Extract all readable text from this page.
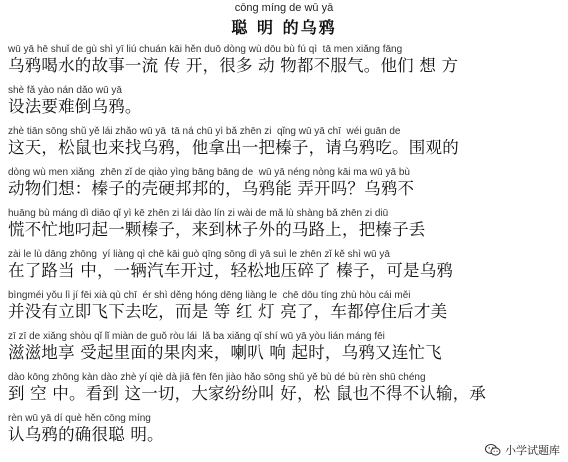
cōng míng de wū yā
聪 明 的乌鸦
wū yā hē shuǐ de gù shì yī liú chuán kāi hěn duō dòng wù dōu bù fú qì  tā men xiǎng fāng
乌鸦喝水的故事一流 传 开，很多 动 物都不服气。他们 想 方
shè fǎ yào nán dǎo wū yā
设法要难倒乌鸦。
zhè tiān sōng shǔ yě lái zhǎo wū yā  tā ná chū yì bǎ zhēn zi  qǐng wū yā chī  wéi guān de
这天，松鼠也来找乌鸦，他拿出一把榛子，请乌鸦吃。围观的
dòng wù men xiǎng  zhēn zǐ de qiào yìng bāng bāng de  wū yā néng nòng kāi ma wū yā bù
动物们想：榛子的壳硬邦邦的，乌鸦能 弄开吗？乌鸦不
huāng bù máng dì diāo qǐ yì kē zhēn zi lái dào lín zi wài de mǎ lù shàng bǎ zhēn zi diū
慌不忙地叼起一颗榛子，来到林子外的马路上，把榛子丢
zài le lù dāng zhōng  yí liàng qì chē kāi guò qīng sōng dì yā suì le zhēn zǐ kě shì wū yā
在了路当 中，一辆汽车开过，轻松地压碎了 榛子，可是乌鸦
bìngméi yǒu lì jí fēi xià qù chī  ér shì děng hóng dēng liàng le  chē dōu tíng zhù hòu cái měi
并没有立即飞下去吃，而是 等 红 灯 亮了，车都停住后才美
zī zī de xiǎng shòu qǐ lǐ miàn de guǒ ròu lái  lǎ ba xiǎng qǐ shí wū yā yòu lián máng fēi
滋滋地享 受起里面的果肉来，喇叭 响 起时，乌鸦又连忙飞
dào kōng zhōng kàn dào zhè yí qiè dà jiā fēn fēn jiào hǎo sōng shǔ yě bù dé bù rèn shū chéng
到 空 中。看到 这一切，大家纷纷叫 好，松 鼠也不得不认输，承
rèn wū yā dí què hěn cōng míng
认乌鸦的确很聪 明。
小学试题库
